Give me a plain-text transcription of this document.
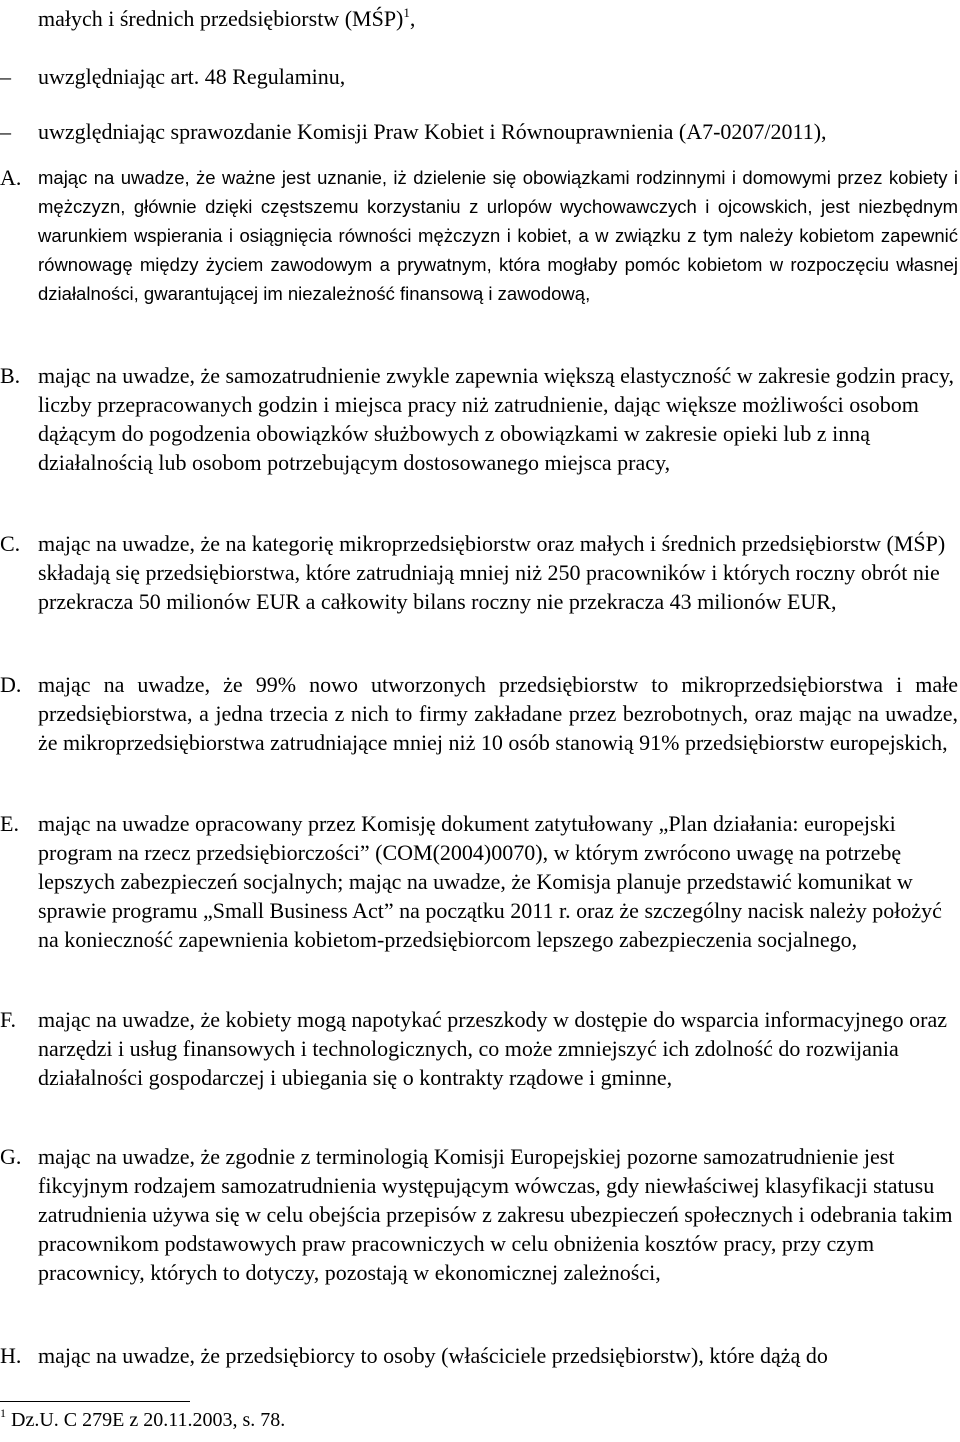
małych i średnich przedsiębiorstw (MŚP)$^1$,
– uwzględniając art. 48 Regulaminu,
– uwzględniając sprawozdanie Komisji Praw Kobiet i Równouprawnienia (A7-0207/2011),
A. mając na uwadze, że ważne jest uznanie, iż dzielenie się obowiązkami rodzinnymi i domowymi przez kobiety i mężczyzn, głównie dzięki częstszemu korzystaniu z urlopów wychowawczych i ojcowskich, jest niezbędnym warunkiem wspierania i osiągnięcia równości mężczyzn i kobiet, a w związku z tym należy kobietom zapewnić równowagę między życiem zawodowym a prywatnym, która mogłaby pomóc kobietom w rozpoczęciu własnej działalności, gwarantującej im niezależność finansową i zawodową,
B. mając na uwadze, że samozatrudnienie zwykle zapewnia większą elastyczność w zakresie godzin pracy, liczby przepracowanych godzin i miejsca pracy niż zatrudnienie, dając większe możliwości osobom dążącym do pogodzenia obowiązków służbowych z obowiązkami w zakresie opieki lub z inną działalnością lub osobom potrzebującym dostosowanego miejsca pracy,
C. mając na uwadze, że na kategorię mikroprzedsiębiorstw oraz małych i średnich przedsiębiorstw (MŚP) składają się przedsiębiorstwa, które zatrudniają mniej niż 250 pracowników i których roczny obrót nie przekracza 50 milionów EUR a całkowity bilans roczny nie przekracza 43 milionów EUR,
D. mając na uwadze, że 99% nowo utworzonych przedsiębiorstw to mikroprzedsiębiorstwa i małe przedsiębiorstwa, a jedna trzecia z nich to firmy zakładane przez bezrobotnych, oraz mając na uwadze, że mikroprzedsiębiorstwa zatrudniające mniej niż 10 osób stanowią 91% przedsiębiorstw europejskich,
E. mając na uwadze opracowany przez Komisję dokument zatytułowany „Plan działania: europejski program na rzecz przedsiębiorczości” (COM(2004)0070), w którym zwrócono uwagę na potrzebę lepszych zabezpieczeń socjalnych; mając na uwadze, że Komisja planuje przedstawić komunikat w sprawie programu „Small Business Act” na początku 2011 r. oraz że szczególny nacisk należy położyć na konieczność zapewnienia kobietom-przedsiębiorcom lepszego zabezpieczenia socjalnego,
F. mając na uwadze, że kobiety mogą napotykać przeszkody w dostępie do wsparcia informacyjnego oraz narzędzi i usług finansowych i technologicznych, co może zmniejszyć ich zdolność do rozwijania działalności gospodarczej i ubiegania się o kontrakty rządowe i gminne,
G. mając na uwadze, że zgodnie z terminologią Komisji Europejskiej pozorne samozatrudnienie jest fikcyjnym rodzajem samozatrudnienia występującym wówczas, gdy niewłaściwej klasyfikacji statusu zatrudnienia używa się w celu obejścia przepisów z zakresu ubezpieczeń społecznych i odebrania takim pracownikom podstawowych praw pracowniczych w celu obniżenia kosztów pracy, przy czym pracownicy, których to dotyczy, pozostają w ekonomicznej zależności,
H. mając na uwadze, że przedsiębiorcy to osoby (właściciele przedsiębiorstw), które dążą do
$^1$ Dz.U. C 279E z 20.11.2003, s. 78.
